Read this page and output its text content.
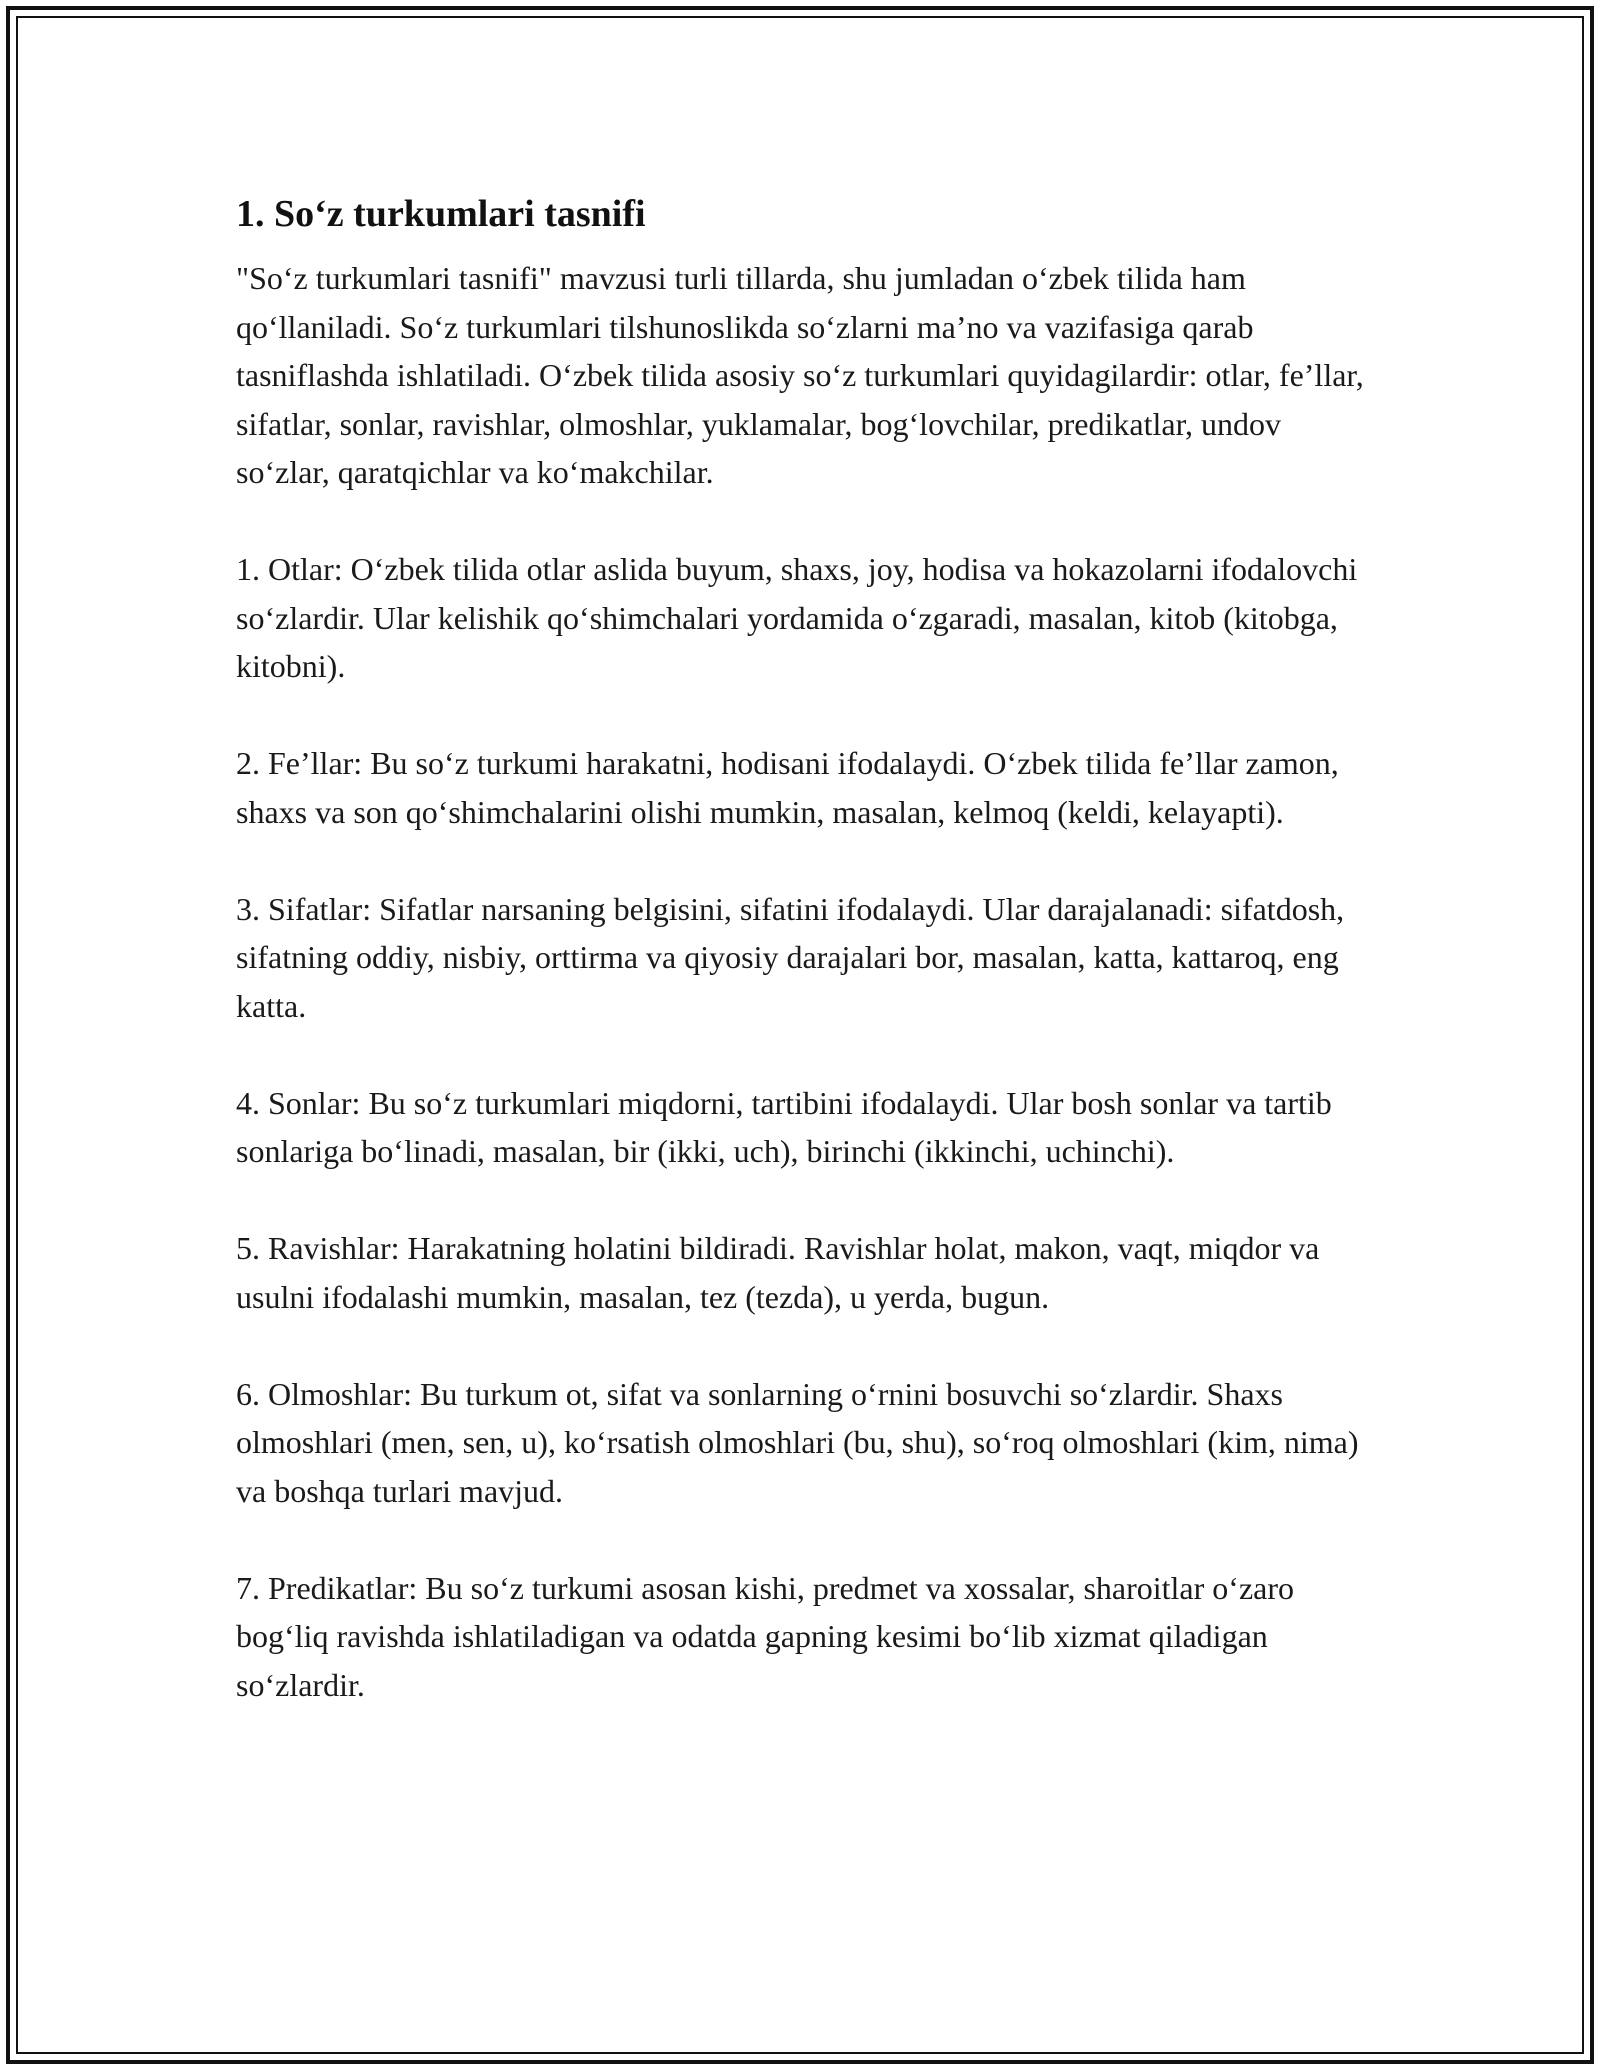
1. So‘z turkumlari tasnifi

"So‘z turkumlari tasnifi" mavzusi turli tillarda, shu jumladan o‘zbek tilida ham qo‘llaniladi. So‘z turkumlari tilshunoslikda so‘zlarni ma’no va vazifasiga qarab tasniflashda ishlatiladi. O‘zbek tilida asosiy so‘z turkumlari quyidagilardir: otlar, fe’llar, sifatlar, sonlar, ravishlar, olmoshlar, yuklamalar, bog‘lovchilar, predikatlar, undov so‘zlar, qaratqichlar va ko‘makchilar.

1. Otlar: O‘zbek tilida otlar aslida buyum, shaxs, joy, hodisa va hokazolarni ifodalovchi so‘zlardir. Ular kelishik qo‘shimchalari yordamida o‘zgaradi, masalan, kitob (kitobga, kitobni).

2. Fe’llar: Bu so‘z turkumi harakatni, hodisani ifodalaydi. O‘zbek tilida fe’llar zamon, shaxs va son qo‘shimchalarini olishi mumkin, masalan, kelmoq (keldi, kelayapti).

3. Sifatlar: Sifatlar narsaning belgisini, sifatini ifodalaydi. Ular darajalanadi: sifatdosh, sifatning oddiy, nisbiy, orttirma va qiyosiy darajalari bor, masalan, katta, kattaroq, eng katta.

4. Sonlar: Bu so‘z turkumlari miqdorni, tartibini ifodalaydi. Ular bosh sonlar va tartib sonlariga bo‘linadi, masalan, bir (ikki, uch), birinchi (ikkinchi, uchinchi).

5. Ravishlar: Harakatning holatini bildiradi. Ravishlar holat, makon, vaqt, miqdor va usulni ifodalashi mumkin, masalan, tez (tezda), u yerda, bugun.

6. Olmoshlar: Bu turkum ot, sifat va sonlarning o‘rnini bosuvchi so‘zlardir. Shaxs olmoshlari (men, sen, u), ko‘rsatish olmoshlari (bu, shu), so‘roq olmoshlari (kim, nima) va boshqa turlari mavjud.

7. Predikatlar: Bu so‘z turkumi asosan kishi, predmet va xossalar, sharoitlar o‘zaro bog‘liq ravishda ishlatiladigan va odatda gapning kesimi bo‘lib xizmat qiladigan so‘zlardir.
